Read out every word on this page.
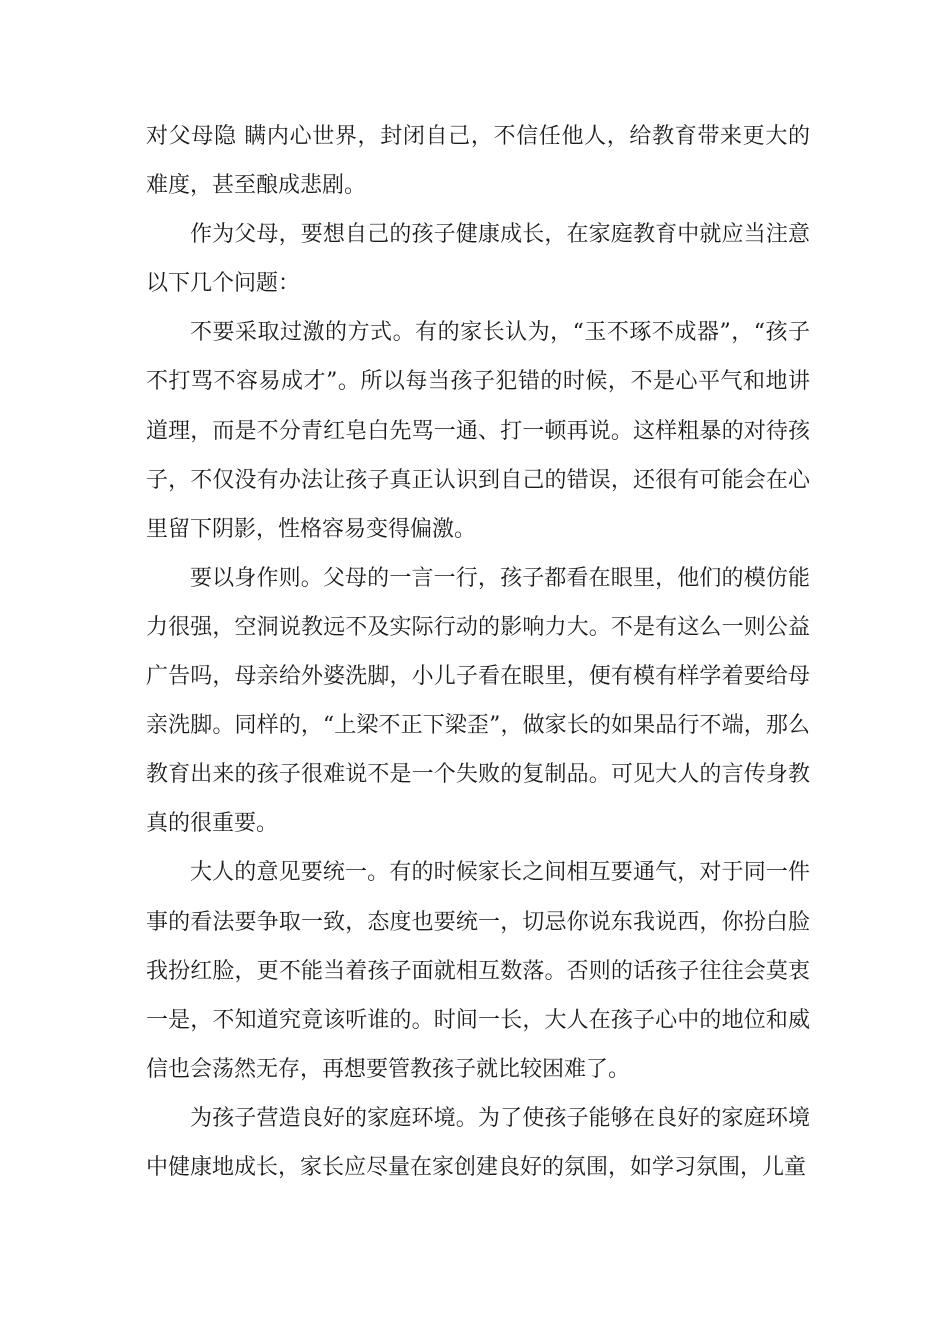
对父母隐 瞒内心世界，封闭自己，不信任他人，给教育带来更大的难度，甚至酿成悲剧。

作为父母，要想自己的孩子健康成长，在家庭教育中就应当注意以下几个问题：

不要采取过激的方式。有的家长认为，“玉不琢不成器”，“孩子不打骂不容易成才”。所以每当孩子犯错的时候，不是心平气和地讲道理，而是不分青红皂白先骂一通、打一顿再说。这样粗暴的对待孩子，不仅没有办法让孩子真正认识到自己的错误，还很有可能会在心里留下阴影，性格容易变得偏激。

要以身作则。父母的一言一行，孩子都看在眼里，他们的模仿能力很强，空洞说教远不及实际行动的影响力大。不是有这么一则公益广告吗，母亲给外婆洗脚，小儿子看在眼里，便有模有样学着要给母亲洗脚。同样的，“上梁不正下梁歪”，做家长的如果品行不端，那么教育出来的孩子很难说不是一个失败的复制品。可见大人的言传身教真的很重要。

大人的意见要统一。有的时候家长之间相互要通气，对于同一件事的看法要争取一致，态度也要统一，切忌你说东我说西，你扮白脸我扮红脸，更不能当着孩子面就相互数落。否则的话孩子往往会莫衷一是，不知道究竟该听谁的。时间一长，大人在孩子心中的地位和威信也会荡然无存，再想要管教孩子就比较困难了。

为孩子营造良好的家庭环境。为了使孩子能够在良好的家庭环境中健康地成长，家长应尽量在家创建良好的氛围，如学习氛围，儿童
